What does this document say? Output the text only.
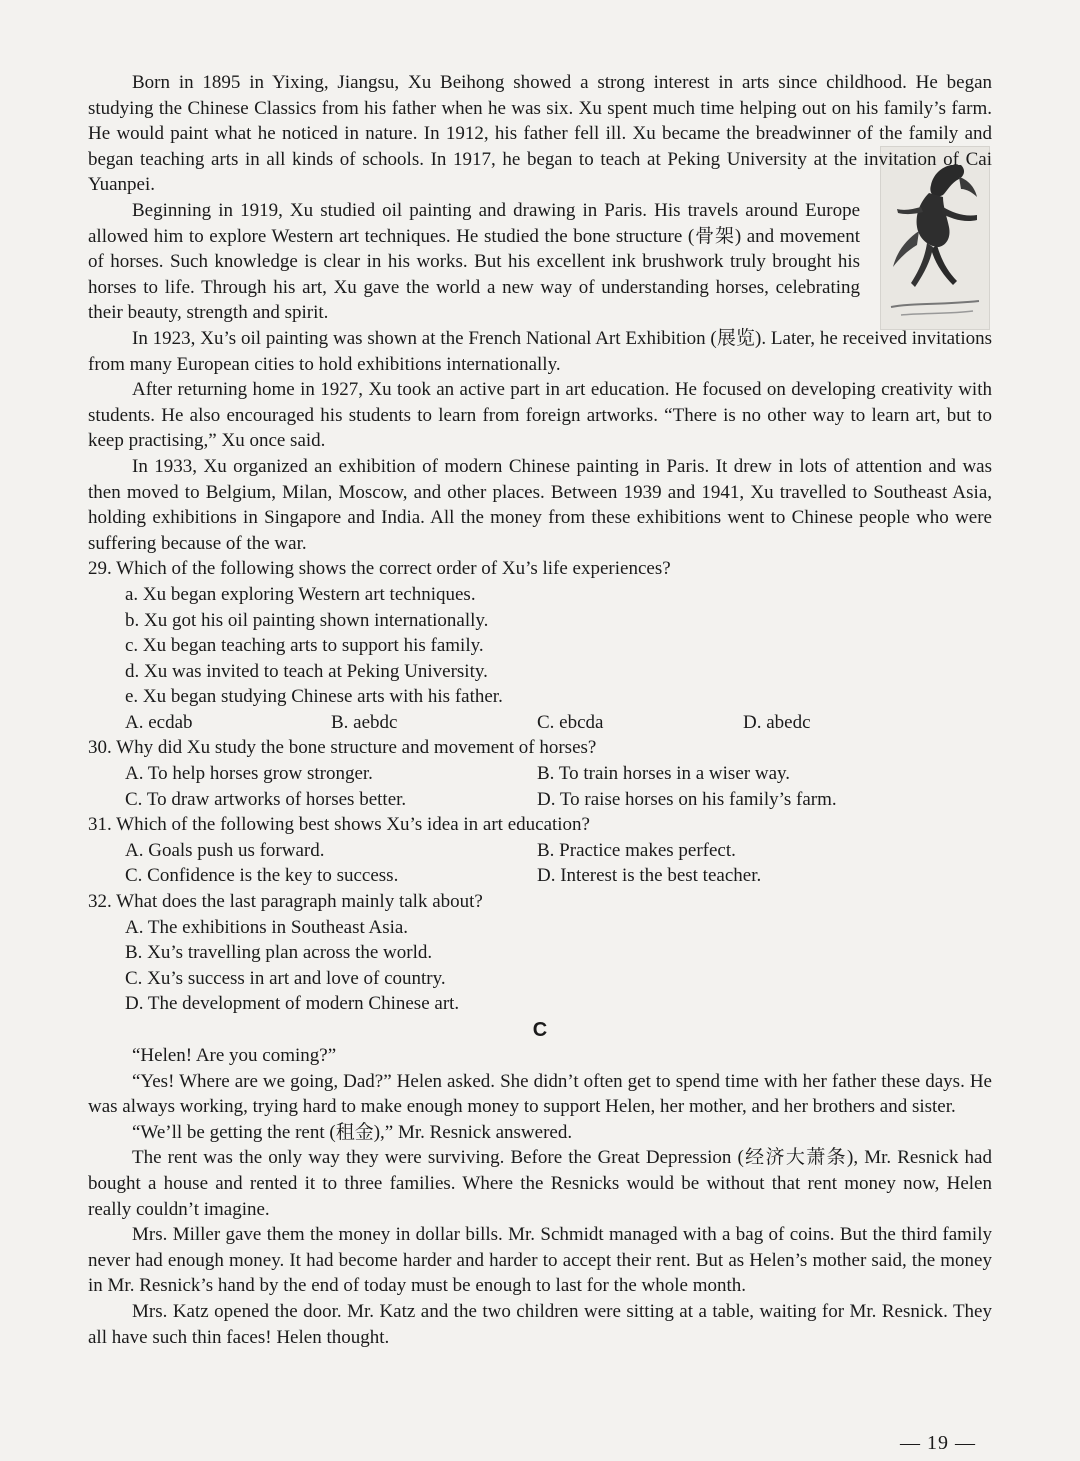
Born in 1895 in Yixing, Jiangsu, Xu Beihong showed a strong interest in arts since childhood. He began studying the Chinese Classics from his father when he was six. Xu spent much time helping out on his family’s farm. He would paint what he noticed in nature. In 1912, his father fell ill. Xu became the breadwinner of the family and began teaching arts in all kinds of schools. In 1917, he began to teach at Peking University at the invitation of Cai Yuanpei.

Beginning in 1919, Xu studied oil painting and drawing in Paris. His travels around Europe allowed him to explore Western art techniques. He studied the bone structure (骨架) and movement of horses. Such knowledge is clear in his works. But his excellent ink brushwork truly brought his horses to life. Through his art, Xu gave the world a new way of understanding horses, celebrating their beauty, strength and spirit.

In 1923, Xu’s oil painting was shown at the French National Art Exhibition (展览). Later, he received invitations from many European cities to hold exhibitions internationally.

After returning home in 1927, Xu took an active part in art education. He focused on developing creativity with students. He also encouraged his students to learn from foreign artworks. “There is no other way to learn art, but to keep practising,” Xu once said.

In 1933, Xu organized an exhibition of modern Chinese painting in Paris. It drew in lots of attention and was then moved to Belgium, Milan, Moscow, and other places. Between 1939 and 1941, Xu travelled to Southeast Asia, holding exhibitions in Singapore and India. All the money from these exhibitions went to Chinese people who were suffering because of the war.

29. Which of the following shows the correct order of Xu’s life experiences?

a. Xu began exploring Western art techniques.

b. Xu got his oil painting shown internationally.

c. Xu began teaching arts to support his family.

d. Xu was invited to teach at Peking University.

e. Xu began studying Chinese arts with his father.

A. ecdab	B. aebdc	C. ebcda	D. abedc

30. Why did Xu study the bone structure and movement of horses?

A. To help horses grow stronger.	B. To train horses in a wiser way.
C. To draw artworks of horses better.	D. To raise horses on his family’s farm.

31. Which of the following best shows Xu’s idea in art education?

A. Goals push us forward.	B. Practice makes perfect.
C. Confidence is the key to success.	D. Interest is the best teacher.

32. What does the last paragraph mainly talk about?

A. The exhibitions in Southeast Asia.

B. Xu’s travelling plan across the world.

C. Xu’s success in art and love of country.

D. The development of modern Chinese art.

C

“Helen! Are you coming?”

“Yes! Where are we going, Dad?” Helen asked. She didn’t often get to spend time with her father these days. He was always working, trying hard to make enough money to support Helen, her mother, and her brothers and sister.

“We’ll be getting the rent (租金),” Mr. Resnick answered.

The rent was the only way they were surviving. Before the Great Depression (经济大萧条), Mr. Resnick had bought a house and rented it to three families. Where the Resnicks would be without that rent money now, Helen really couldn’t imagine.

Mrs. Miller gave them the money in dollar bills. Mr. Schmidt managed with a bag of coins. But the third family never had enough money. It had become harder and harder to accept their rent. But as Helen’s mother said, the money in Mr. Resnick’s hand by the end of today must be enough to last for the whole month.

Mrs. Katz opened the door. Mr. Katz and the two children were sitting at a table, waiting for Mr. Resnick. They all have such thin faces! Helen thought.

— 19 —
